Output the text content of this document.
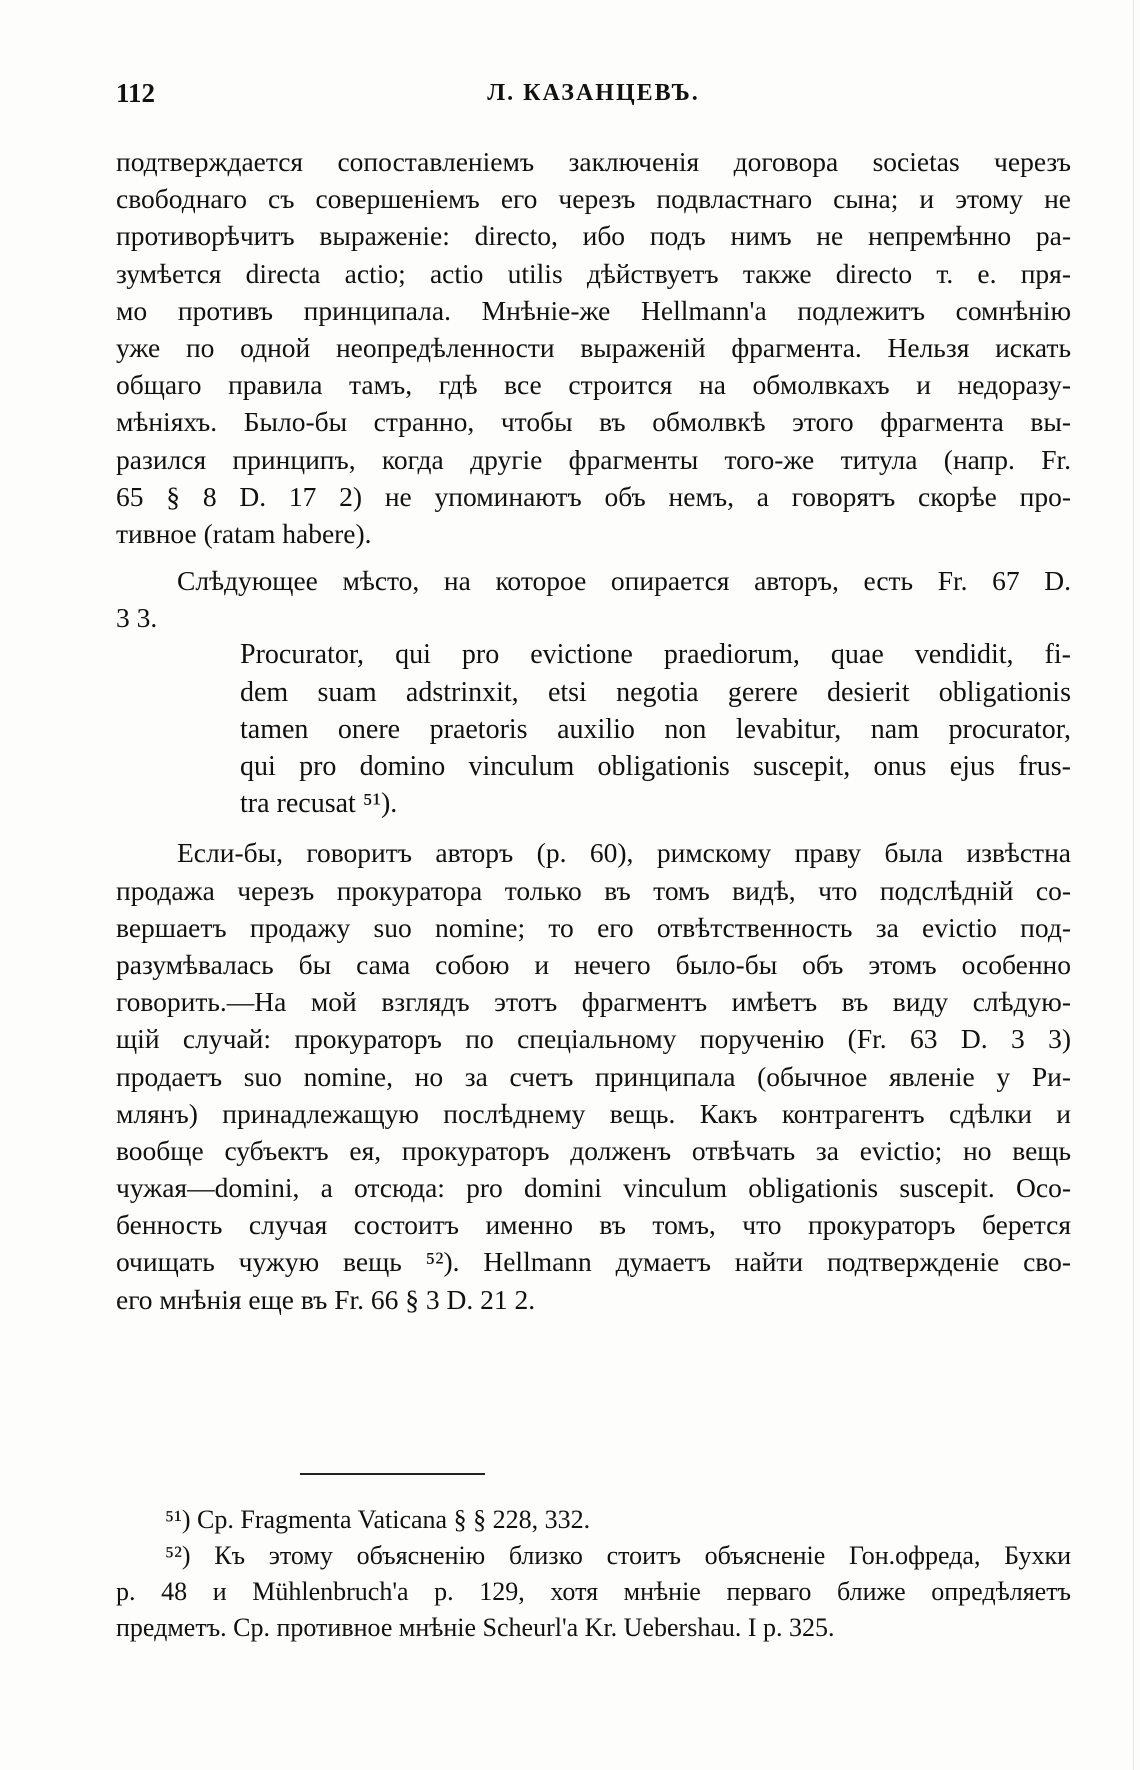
112	Л. КАЗАНЦЕВЪ.
подтверждается сопоставленіемъ заключенія договора societas черезъ
свободнаго съ совершеніемъ его черезъ подвластнаго сына; и этому не
противорѣчитъ выраженіе: directo, ибо подъ нимъ не непремѣнно ра-
зумѣется directa actio; actio utilis дѣйствуетъ также directo т. е. пря-
мо противъ принципала. Мнѣніе-же Hellmann'a подлежитъ сомнѣнію
уже по одной неопредѣленности выраженій фрагмента. Нельзя искать
общаго правила тамъ, гдѣ все строится на обмолвкахъ и недоразу-
мѣніяхъ. Было-бы странно, чтобы въ обмолвкѣ этого фрагмента вы-
разился принципъ, когда другіе фрагменты того-же титула (напр. Fr.
65 § 8 D. 17 2) не упоминаютъ объ немъ, а говорятъ скорѣе про-
тивное (ratam habere).
Слѣдующее мѣсто, на которое опирается авторъ, есть Fr. 67 D.
3 3.
Procurator, qui pro evictione praediorum, quae vendidit, fi-
dem suam adstrinxit, etsi negotia gerere desierit obligationis
tamen onere praetoris auxilio non levabitur, nam procurator,
qui pro domino vinculum obligationis suscepit, onus ejus frus-
tra recusat ⁵¹).
Если-бы, говоритъ авторъ (p. 60), римскому праву была извѣстна
продажа черезъ прокуратора только въ томъ видѣ, что подслѣдній со-
вершаетъ продажу suo nomine; то его отвѣтственность за evictio под-
разумѣвалась бы сама собою и нечего было-бы объ этомъ особенно
говорить.—На мой взглядъ этотъ фрагментъ имѣетъ въ виду слѣдую-
щій случай: прокураторъ по спеціальному порученію (Fr. 63 D. 3 3)
продаетъ suo nomine, но за счетъ принципала (обычное явленіе у Ри-
млянъ) принадлежащую послѣднему вещь. Какъ контрагентъ сдѣлки и
вообще субъектъ ея, прокураторъ долженъ отвѣчать за evictio; но вещь
чужая—domini, а отсюда: pro domini vinculum obligationis suscepit. Осо-
бенность случая состоитъ именно въ томъ, что прокураторъ берется
очищать чужую вещь ⁵²). Hellmann думаетъ найти подтвержденіе сво-
его мнѣнія еще въ Fr. 66 § 3 D. 21 2.
⁵¹) Ср. Fragmenta Vaticana § § 228, 332.
⁵²) Къ этому объясненію близко стоитъ объясненіе Гон.офреда, Бухки
p. 48 и Mühlenbruch'a p. 129, хотя мнѣніе перваго ближе опредѣляетъ
предметъ. Ср. противное мнѣніе Scheurl'a Kr. Uebershau. I p. 325.
